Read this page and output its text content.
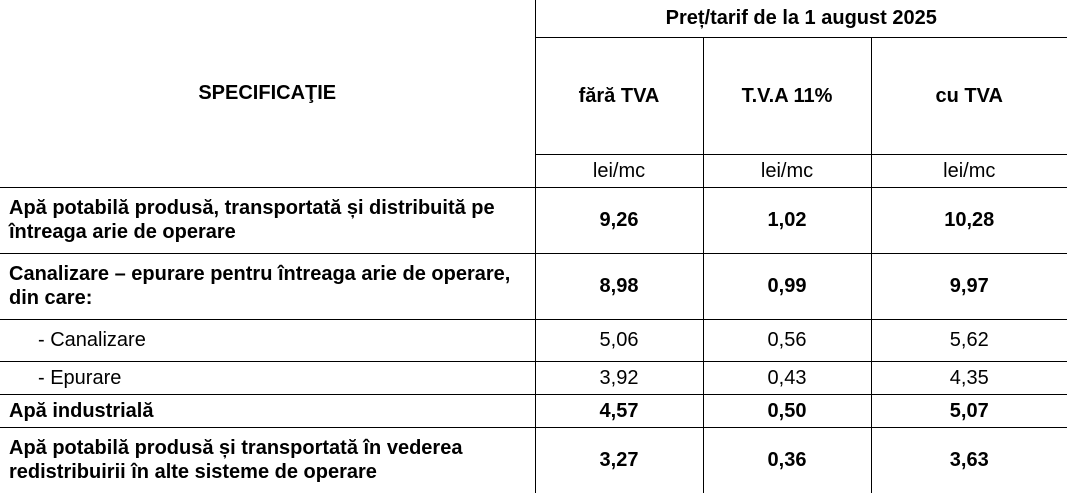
SPECIFICAŢIE	Preț/tarif de la 1 august 2025		
	fără TVA	T.V.A 11%	cu TVA
	lei/mc	lei/mc	lei/mc
Apă potabilă produsă, transportată și distribuită pe întreaga arie de operare	9,26	1,02	10,28
Canalizare – epurare pentru întreaga arie de operare, din care:	8,98	0,99	9,97
- Canalizare	5,06	0,56	5,62
- Epurare	3,92	0,43	4,35
Apă industrială	4,57	0,50	5,07
Apă potabilă produsă și transportată în vederea redistribuirii în alte sisteme de operare	3,27	0,36	3,63
